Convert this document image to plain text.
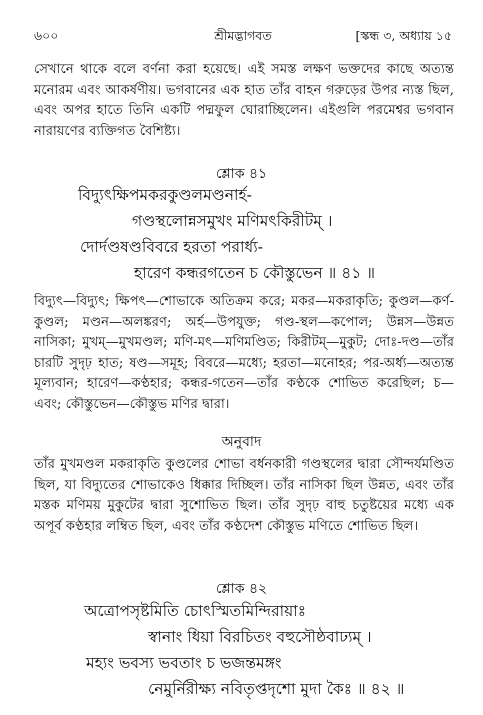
৬০০	শ্রীমদ্ভাগবত	[স্কন্ধ ৩, অধ্যায় ১৫
সেখানে থাকে বলে বর্ণনা করা হয়েছে। এই সমস্ত লক্ষণ ভক্তদের কাছে অত্যন্ত মনোরম এবং আকর্ষণীয়। ভগবানের এক হাত তাঁর বাহন গরুড়ের উপর ন্যস্ত ছিল, এবং অপর হাতে তিনি একটি পদ্মফুল ঘোরাচ্ছিলেন। এইগুলি পরমেশ্বর ভগবান নারায়ণের ব্যক্তিগত বৈশিষ্ট্য।
শ্লোক ৪১
বিদ্যুৎক্ষিপমকরকুণ্ডলমণ্ডনার্হ-
গণ্ডস্থলোন্নসমুখং মণিমৎকিরীটম্ ।
দোর্দণ্ডষণ্ডবিবরে হরতা পরার্ধ্য-
হারেণ কন্ধরগতেন চ কৌস্তুভেন ॥ ৪১ ॥
বিদ্যুৎ—বিদ্যুৎ; ক্ষিপৎ—শোভাকে অতিক্রম করে; মকর—মকরাকৃতি; কুণ্ডল—কর্ণ-কুণ্ডল; মণ্ডন—অলঙ্করণ; অর্হ—উপযুক্ত; গণ্ড-স্থল—কপোল; উন্নস—উন্নত নাসিকা; মুখম্—মুখমণ্ডল; মণি-মৎ—মণিমণ্ডিত; কিরীটম্—মুকুট; দোঃ-দণ্ড—তাঁর চারটি সুদৃঢ় হাত; ষণ্ড—সমূহ; বিবরে—মধ্যে; হরতা—মনোহর; পর-অর্ধ্য—অত্যন্ত মূল্যবান; হারেণ—কণ্ঠহার; কন্ধর-গতেন—তাঁর কণ্ঠকে শোভিত করেছিল; চ—এবং; কৌস্তুভেন—কৌস্তুভ মণির দ্বারা।
অনুবাদ
তাঁর মুখমণ্ডল মকরাকৃতি কুণ্ডলের শোভা বর্ধনকারী গণ্ডস্থলের দ্বারা সৌন্দর্যমণ্ডিত ছিল, যা বিদ্যুতের শোভাকেও ধিক্কার দিচ্ছিল। তাঁর নাসিকা ছিল উন্নত, এবং তাঁর মস্তক মণিময় মুকুটের দ্বারা সুশোভিত ছিল। তাঁর সুদৃঢ় বাহু চতুষ্টয়ের মধ্যে এক অপূর্ব কণ্ঠহার লম্বিত ছিল, এবং তাঁর কণ্ঠদেশ কৌস্তুভ মণিতে শোভিত ছিল।
শ্লোক ৪২
অত্রোপসৃষ্টমিতি চোৎস্মিতমিন্দিরায়াঃ
স্বানাং ধিয়া বিরচিতং বহুসৌষ্ঠবাঢ্যম্ ।
মহ্যং ভবস্য ভবতাং চ ভজন্তমঙ্গং
নেমুর্নিরীক্ষ্য নবিতৃপ্তদৃশো মুদা কৈঃ ॥ ৪২ ॥
